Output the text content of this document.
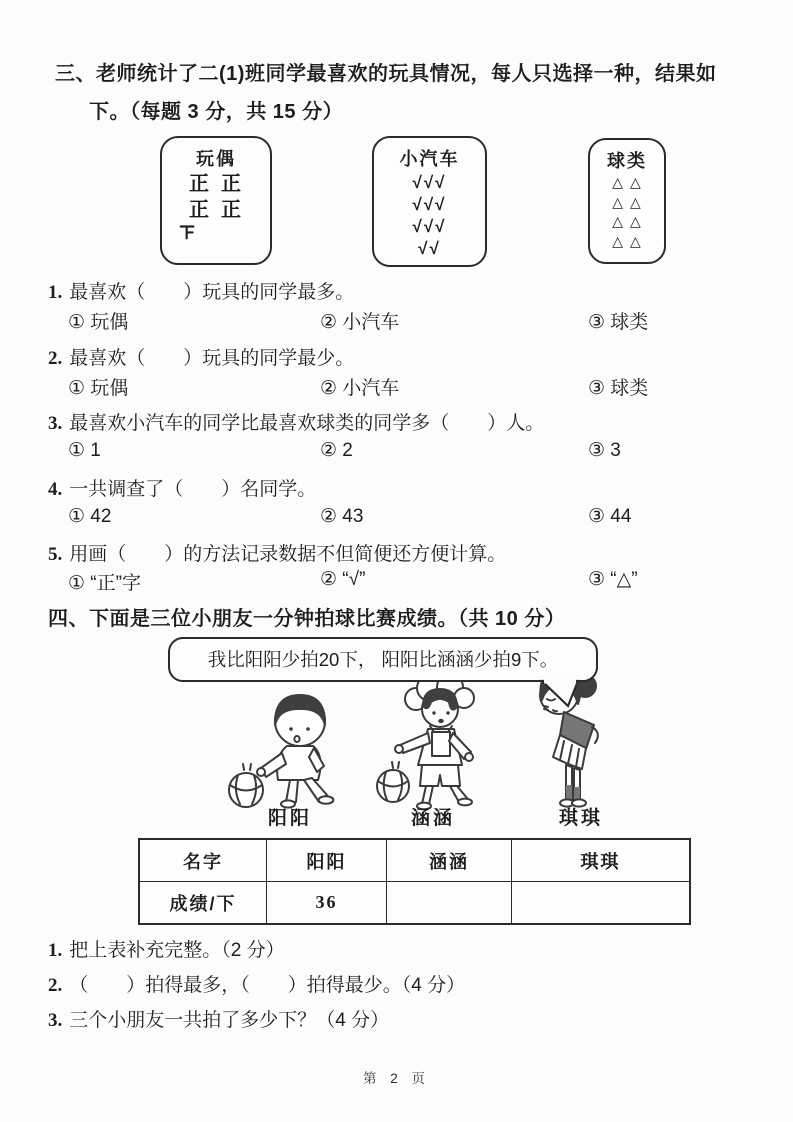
三、老师统计了二(1)班同学最喜欢的玩具情况，每人只选择一种，结果如
下。（每题 3 分，共 15 分）
玩偶
正正
正正
小汽车
√√√
√√√
√√√
√√
球类
△△
△△
△△
△△
1. 最喜欢（　　）玩具的同学最多。
① 玩偶	② 小汽车	③ 球类
2. 最喜欢（　　）玩具的同学最少。
① 玩偶	② 小汽车	③ 球类
3. 最喜欢小汽车的同学比最喜欢球类的同学多（　　）人。
① 1	② 2	③ 3
4. 一共调查了（　　）名同学。
① 42	② 43	③ 44
5. 用画（　　）的方法记录数据不但简便还方便计算。
① “正”字	② “√”	③ “△”
四、下面是三位小朋友一分钟拍球比赛成绩。（共 10 分）
我比阳阳少拍20下， 阳阳比涵涵少拍9下。
阳阳	涵涵	琪琪
名字	阳阳	涵涵	琪琪
成绩/下	36		
1. 把上表补充完整。（2 分）
2. （　　）拍得最多，（　　）拍得最少。（4 分）
3. 三个小朋友一共拍了多少下？（4 分）
第 2 页
